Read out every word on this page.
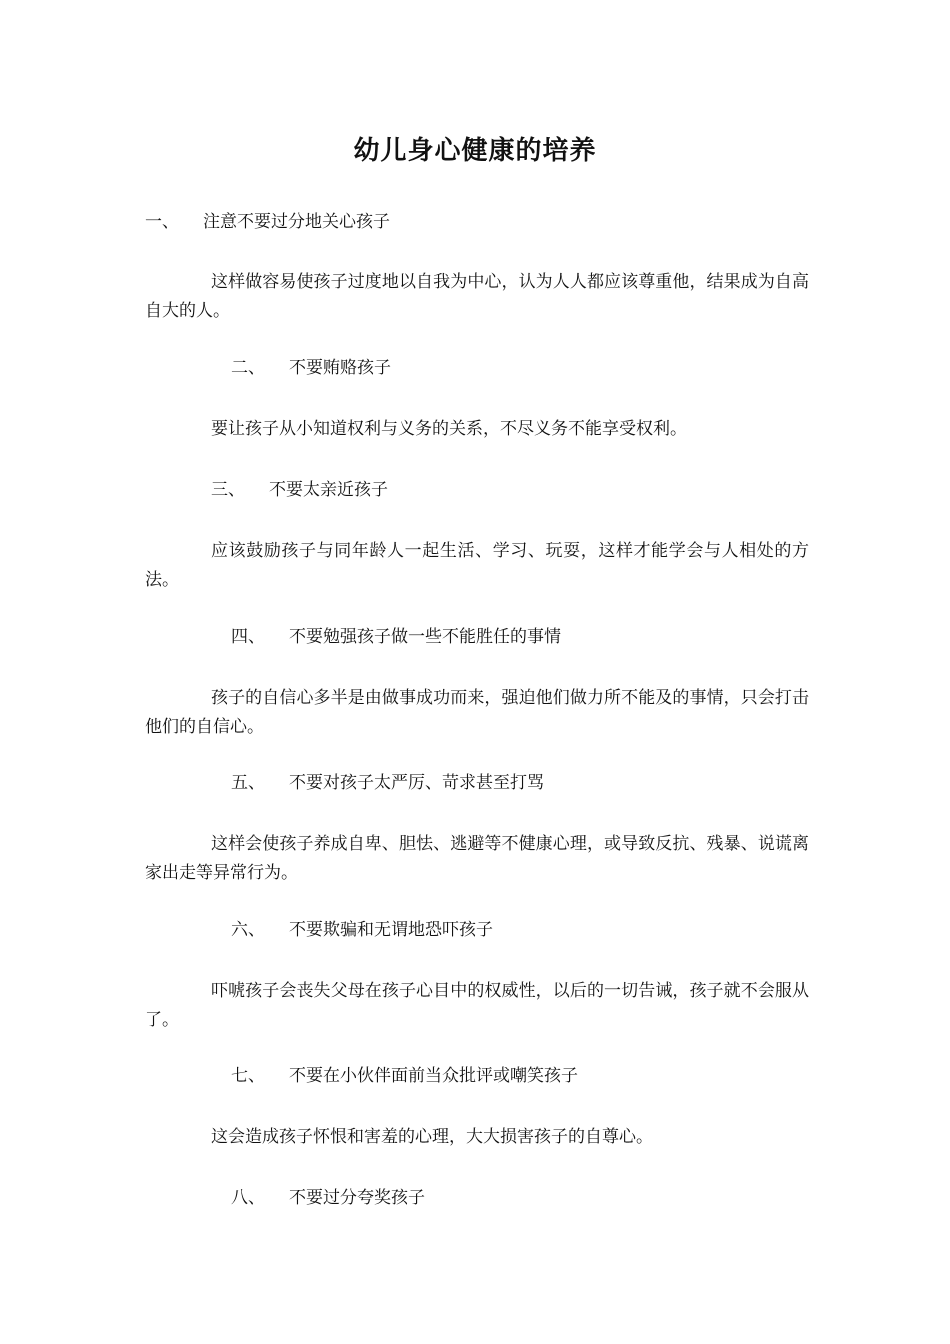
幼儿身心健康的培养
一、 注意不要过分地关心孩子
这样做容易使孩子过度地以自我为中心，认为人人都应该尊重他，结果成为自高自大的人。
二、 不要贿赂孩子
要让孩子从小知道权利与义务的关系，不尽义务不能享受权利。
三、 不要太亲近孩子
应该鼓励孩子与同年龄人一起生活、学习、玩耍，这样才能学会与人相处的方法。
四、 不要勉强孩子做一些不能胜任的事情
孩子的自信心多半是由做事成功而来，强迫他们做力所不能及的事情，只会打击他们的自信心。
五、 不要对孩子太严厉、苛求甚至打骂
这样会使孩子养成自卑、胆怯、逃避等不健康心理，或导致反抗、残暴、说谎离家出走等异常行为。
六、 不要欺骗和无谓地恐吓孩子
吓唬孩子会丧失父母在孩子心目中的权威性，以后的一切告诫，孩子就不会服从了。
七、 不要在小伙伴面前当众批评或嘲笑孩子
这会造成孩子怀恨和害羞的心理，大大损害孩子的自尊心。
八、 不要过分夸奖孩子
